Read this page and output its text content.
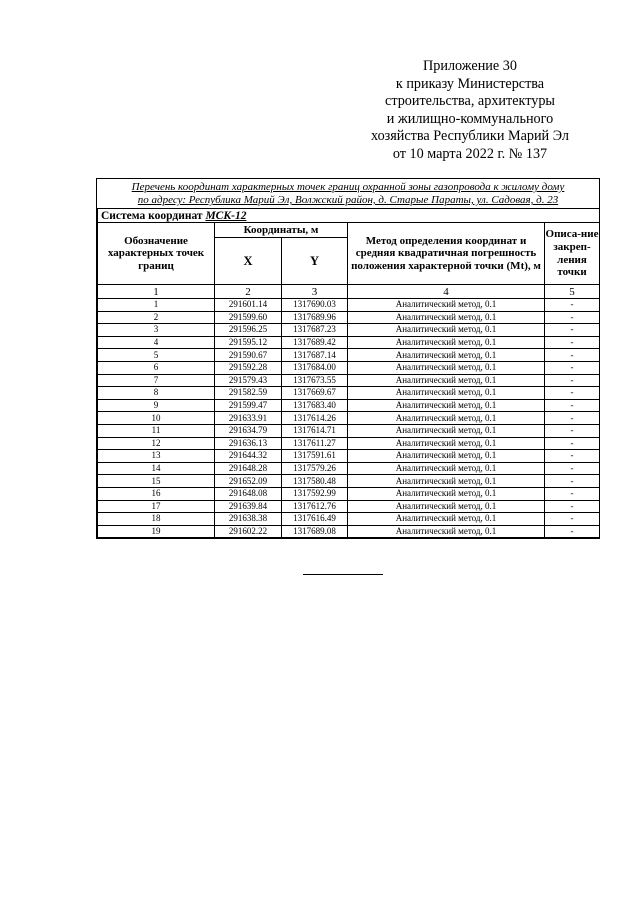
Приложение 30
к приказу Министерства
строительства, архитектуры
и жилищно-коммунального
хозяйства Республики Марий Эл
от 10 марта 2022 г. № 137
Перечень координат характерных точек границ охранной зоны газопровода к жилому дому
по адресу: Республика Марий Эл, Волжский район, д. Старые Параты, ул. Садовая, д. 23
Система координат МСК-12				
Обозначение характерных точек границ	Координаты, м		Метод определения координат и средняя квадратичная погрешность положения характерной точки (Mt), м	Описа-ние закреп-ления точки
	X	Y		
1	2	3	4	5
1	291601.14	1317690.03	Аналитический метод, 0.1	-
2	291599.60	1317689.96	Аналитический метод, 0.1	-
3	291596.25	1317687.23	Аналитический метод, 0.1	-
4	291595.12	1317689.42	Аналитический метод, 0.1	-
5	291590.67	1317687.14	Аналитический метод, 0.1	-
6	291592.28	1317684.00	Аналитический метод, 0.1	-
7	291579.43	1317673.55	Аналитический метод, 0.1	-
8	291582.59	1317669.67	Аналитический метод, 0.1	-
9	291599.47	1317683.40	Аналитический метод, 0.1	-
10	291633.91	1317614.26	Аналитический метод, 0.1	-
11	291634.79	1317614.71	Аналитический метод, 0.1	-
12	291636.13	1317611.27	Аналитический метод, 0.1	-
13	291644.32	1317591.61	Аналитический метод, 0.1	-
14	291648.28	1317579.26	Аналитический метод, 0.1	-
15	291652.09	1317580.48	Аналитический метод, 0.1	-
16	291648.08	1317592.99	Аналитический метод, 0.1	-
17	291639.84	1317612.76	Аналитический метод, 0.1	-
18	291638.38	1317616.49	Аналитический метод, 0.1	-
19	291602.22	1317689.08	Аналитический метод, 0.1	-
